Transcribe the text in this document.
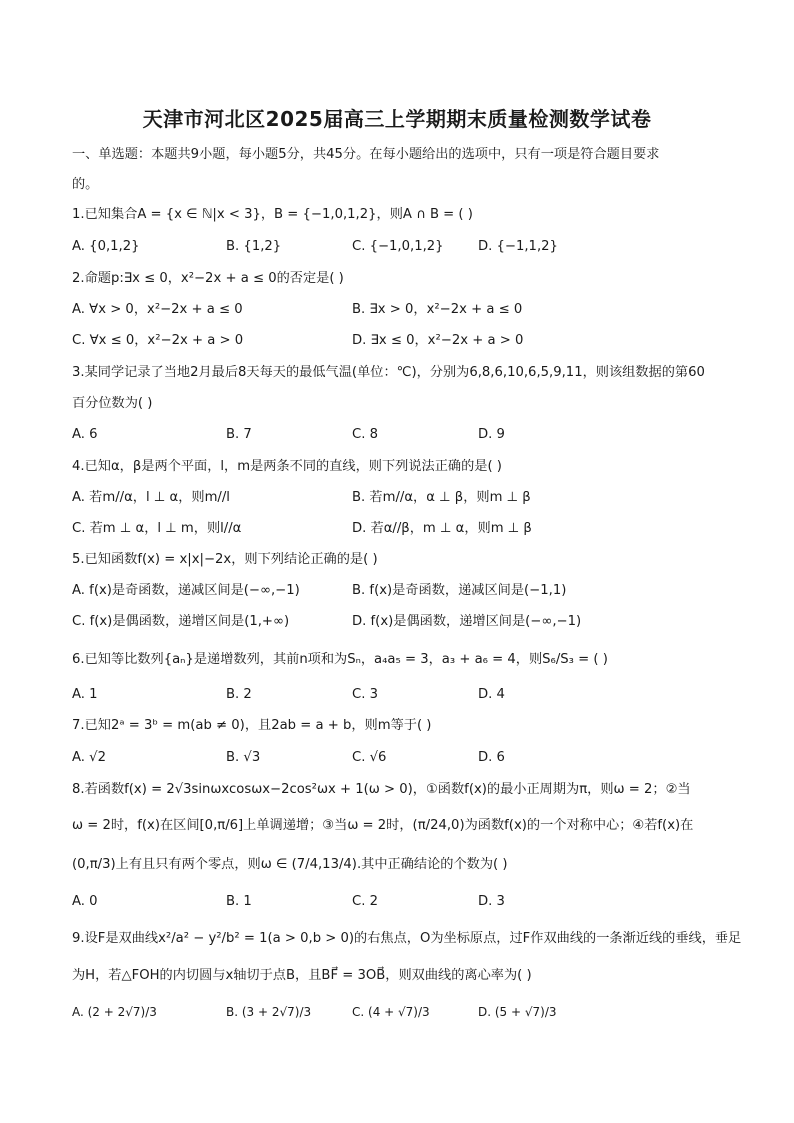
天津市河北区2025届高三上学期期末质量检测数学试卷
一、单选题：本题共9小题，每小题5分，共45分。在每小题给出的选项中，只有一项是符合题目要求
的。
1.已知集合A = {x ∈ ℕ|x < 3}，B = {−1,0,1,2}，则A ∩ B = ( )
A. {0,1,2}	B. {1,2}	C. {−1,0,1,2}	D. {−1,1,2}
2.命题p:∃x ≤ 0，x²−2x + a ≤ 0的否定是( )
A. ∀x > 0，x²−2x + a ≤ 0	B. ∃x > 0，x²−2x + a ≤ 0
C. ∀x ≤ 0，x²−2x + a > 0	D. ∃x ≤ 0，x²−2x + a > 0
3.某同学记录了当地2月最后8天每天的最低气温(单位：℃)，分别为6,8,6,10,6,5,9,11，则该组数据的第60
百分位数为( )
A. 6	B. 7	C. 8	D. 9
4.已知α，β是两个平面，l，m是两条不同的直线，则下列说法正确的是( )
A. 若m//α，l ⊥ α，则m//l	B. 若m//α，α ⊥ β，则m ⊥ β
C. 若m ⊥ α，l ⊥ m，则l//α	D. 若α//β，m ⊥ α，则m ⊥ β
5.已知函数f(x) = x|x|−2x，则下列结论正确的是( )
A. f(x)是奇函数，递减区间是(−∞,−1)	B. f(x)是奇函数，递减区间是(−1,1)
C. f(x)是偶函数，递增区间是(1,+∞)	D. f(x)是偶函数，递增区间是(−∞,−1)
6.已知等比数列{aₙ}是递增数列，其前n项和为Sₙ，a₄a₅ = 3，a₃ + a₆ = 4，则S₆/S₃ = ( )
A. 1	B. 2	C. 3	D. 4
7.已知2ᵃ = 3ᵇ = m(ab ≠ 0)，且2ab = a + b，则m等于( )
A. √2	B. √3	C. √6	D. 6
8.若函数f(x) = 2√3sinωxcosωx−2cos²ωx + 1(ω > 0)，①函数f(x)的最小正周期为π，则ω = 2；②当
ω = 2时，f(x)在区间[0,π/6]上单调递增；③当ω = 2时，(π/24,0)为函数f(x)的一个对称中心；④若f(x)在
(0,π/3)上有且只有两个零点，则ω ∈ (7/4,13/4).其中正确结论的个数为( )
A. 0	B. 1	C. 2	D. 3
9.设F是双曲线x²/a² − y²/b² = 1(a > 0,b > 0)的右焦点，O为坐标原点，过F作双曲线的一条渐近线的垂线，垂足
为H，若△FOH的内切圆与x轴切于点B，且BF⃗ = 3OB⃗，则双曲线的离心率为( )
A. (2 + 2√7)/3	B. (3 + 2√7)/3	C. (4 + √7)/3	D. (5 + √7)/3
